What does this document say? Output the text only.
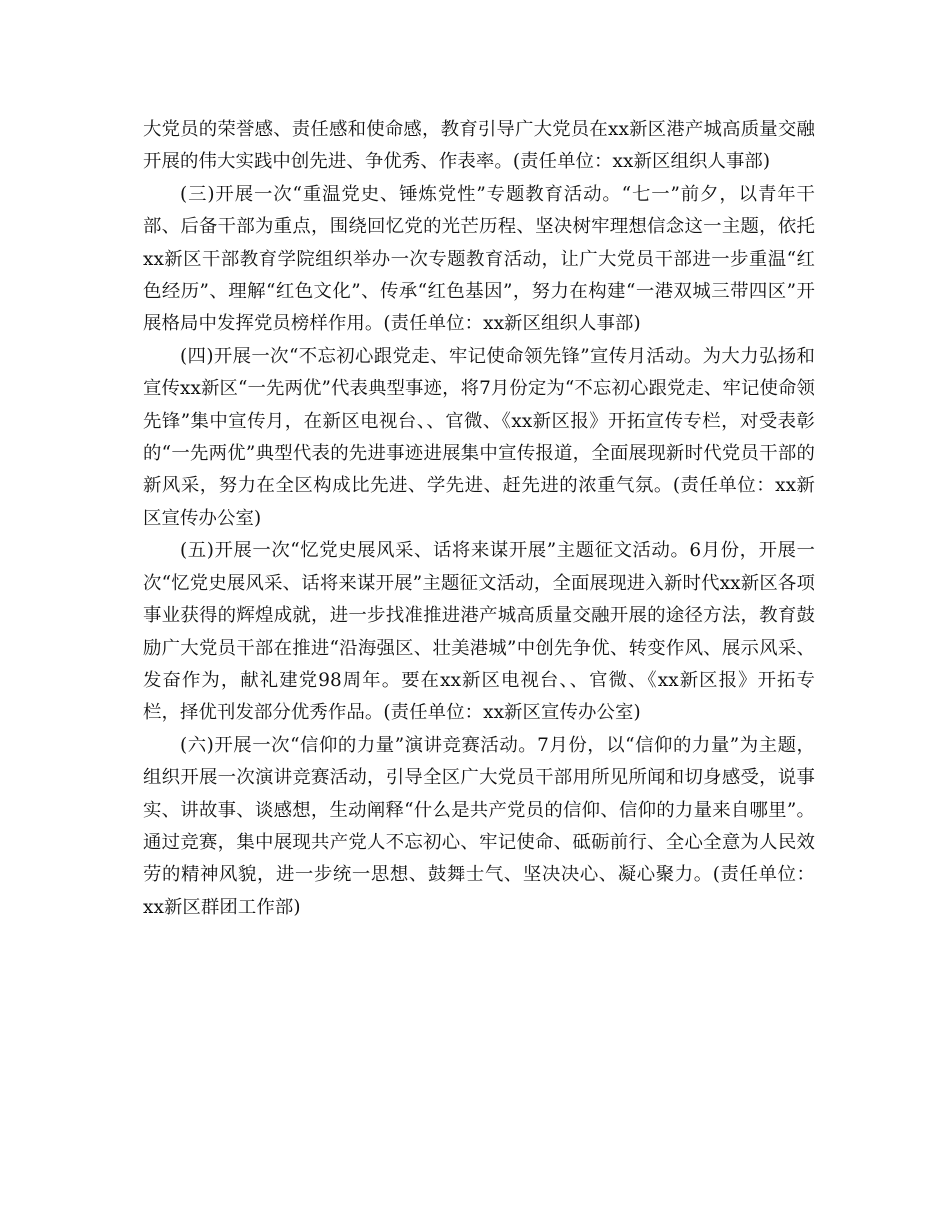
大党员的荣誉感、责任感和使命感，教育引导广大党员在xx新区港产城高质量交融开展的伟大实践中创先进、争优秀、作表率。(责任单位：xx新区组织人事部)

(三)开展一次“重温党史、锤炼党性”专题教育活动。“七一”前夕，以青年干部、后备干部为重点，围绕回忆党的光芒历程、坚决树牢理想信念这一主题，依托xx新区干部教育学院组织举办一次专题教育活动，让广大党员干部进一步重温“红色经历”、理解“红色文化”、传承“红色基因”，努力在构建“一港双城三带四区”开展格局中发挥党员榜样作用。(责任单位：xx新区组织人事部)

(四)开展一次“不忘初心跟党走、牢记使命领先锋”宣传月活动。为大力弘扬和宣传xx新区“一先两优”代表典型事迹，将7月份定为“不忘初心跟党走、牢记使命领先锋”集中宣传月，在新区电视台、、官微、《xx新区报》开拓宣传专栏，对受表彰的“一先两优”典型代表的先进事迹进展集中宣传报道，全面展现新时代党员干部的新风采，努力在全区构成比先进、学先进、赶先进的浓重气氛。(责任单位：xx新区宣传办公室)

(五)开展一次“忆党史展风采、话将来谋开展”主题征文活动。6月份，开展一次“忆党史展风采、话将来谋开展”主题征文活动，全面展现进入新时代xx新区各项事业获得的辉煌成就，进一步找准推进港产城高质量交融开展的途径方法，教育鼓励广大党员干部在推进“沿海强区、壮美港城”中创先争优、转变作风、展示风采、发奋作为，献礼建党98周年。要在xx新区电视台、、官微、《xx新区报》开拓专栏，择优刊发部分优秀作品。(责任单位：xx新区宣传办公室)

(六)开展一次“信仰的力量”演讲竞赛活动。7月份，以“信仰的力量”为主题，组织开展一次演讲竞赛活动，引导全区广大党员干部用所见所闻和切身感受，说事实、讲故事、谈感想，生动阐释“什么是共产党员的信仰、信仰的力量来自哪里”。通过竞赛，集中展现共产党人不忘初心、牢记使命、砥砺前行、全心全意为人民效劳的精神风貌，进一步统一思想、鼓舞士气、坚决决心、凝心聚力。(责任单位：xx新区群团工作部)
